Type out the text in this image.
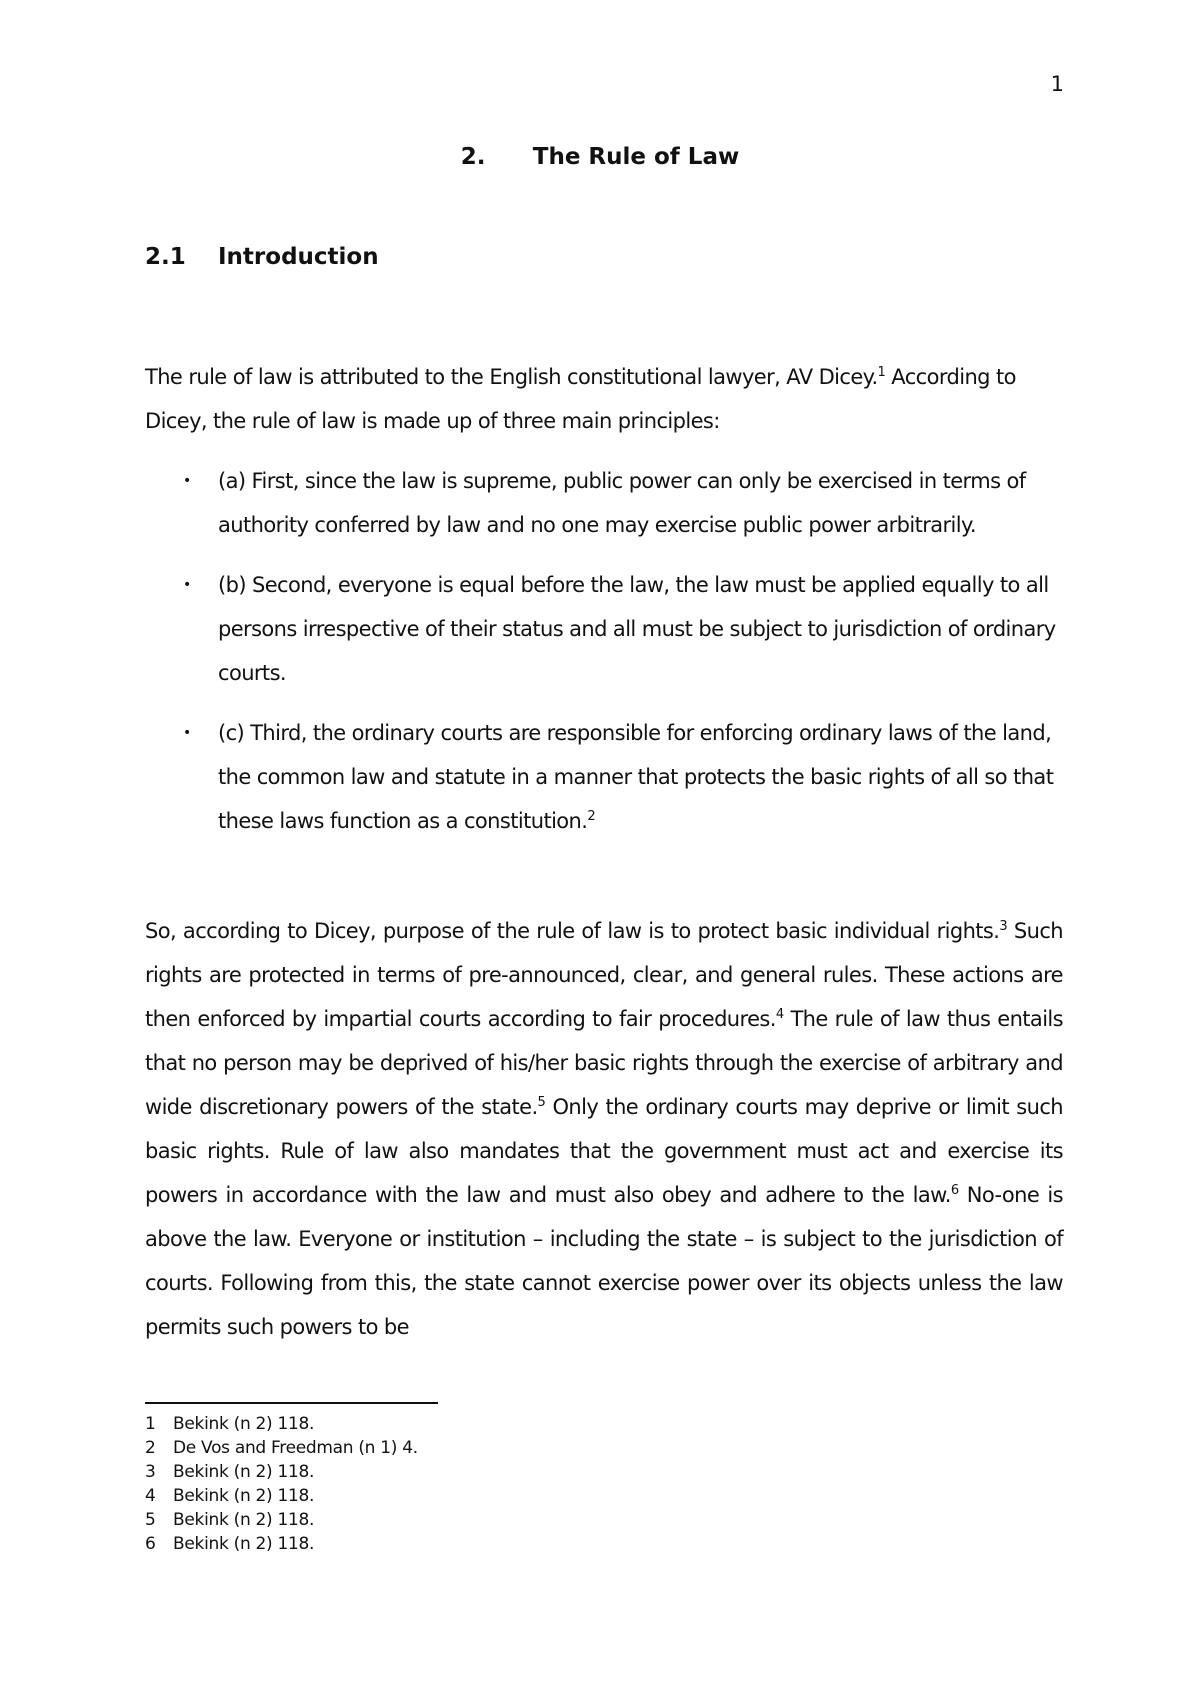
1
2. The Rule of Law
2.1 Introduction

The rule of law is attributed to the English constitutional lawyer, AV Dicey.$^1$ According to Dicey, the rule of law is made up of three main principles:

• (a) First, since the law is supreme, public power can only be exercised in terms of authority conferred by law and no one may exercise public power arbitrarily.
• (b) Second, everyone is equal before the law, the law must be applied equally to all persons irrespective of their status and all must be subject to jurisdiction of ordinary courts.
• (c) Third, the ordinary courts are responsible for enforcing ordinary laws of the land, the common law and statute in a manner that protects the basic rights of all so that these laws function as a constitution.$^2$

So, according to Dicey, purpose of the rule of law is to protect basic individual rights.$^3$ Such rights are protected in terms of pre-announced, clear, and general rules. These actions are then enforced by impartial courts according to fair procedures.$^4$ The rule of law thus entails that no person may be deprived of his/her basic rights through the exercise of arbitrary and wide discretionary powers of the state.$^5$ Only the ordinary courts may deprive or limit such basic rights. Rule of law also mandates that the government must act and exercise its powers in accordance with the law and must also obey and adhere to the law.$^6$ No-one is above the law. Everyone or institution – including the state – is subject to the jurisdiction of courts. Following from this, the state cannot exercise power over its objects unless the law permits such powers to be

1	Bekink (n 2) 118.
2	De Vos and Freedman (n 1) 4.
3	Bekink (n 2) 118.
4	Bekink (n 2) 118.
5	Bekink (n 2) 118.
6	Bekink (n 2) 118.
